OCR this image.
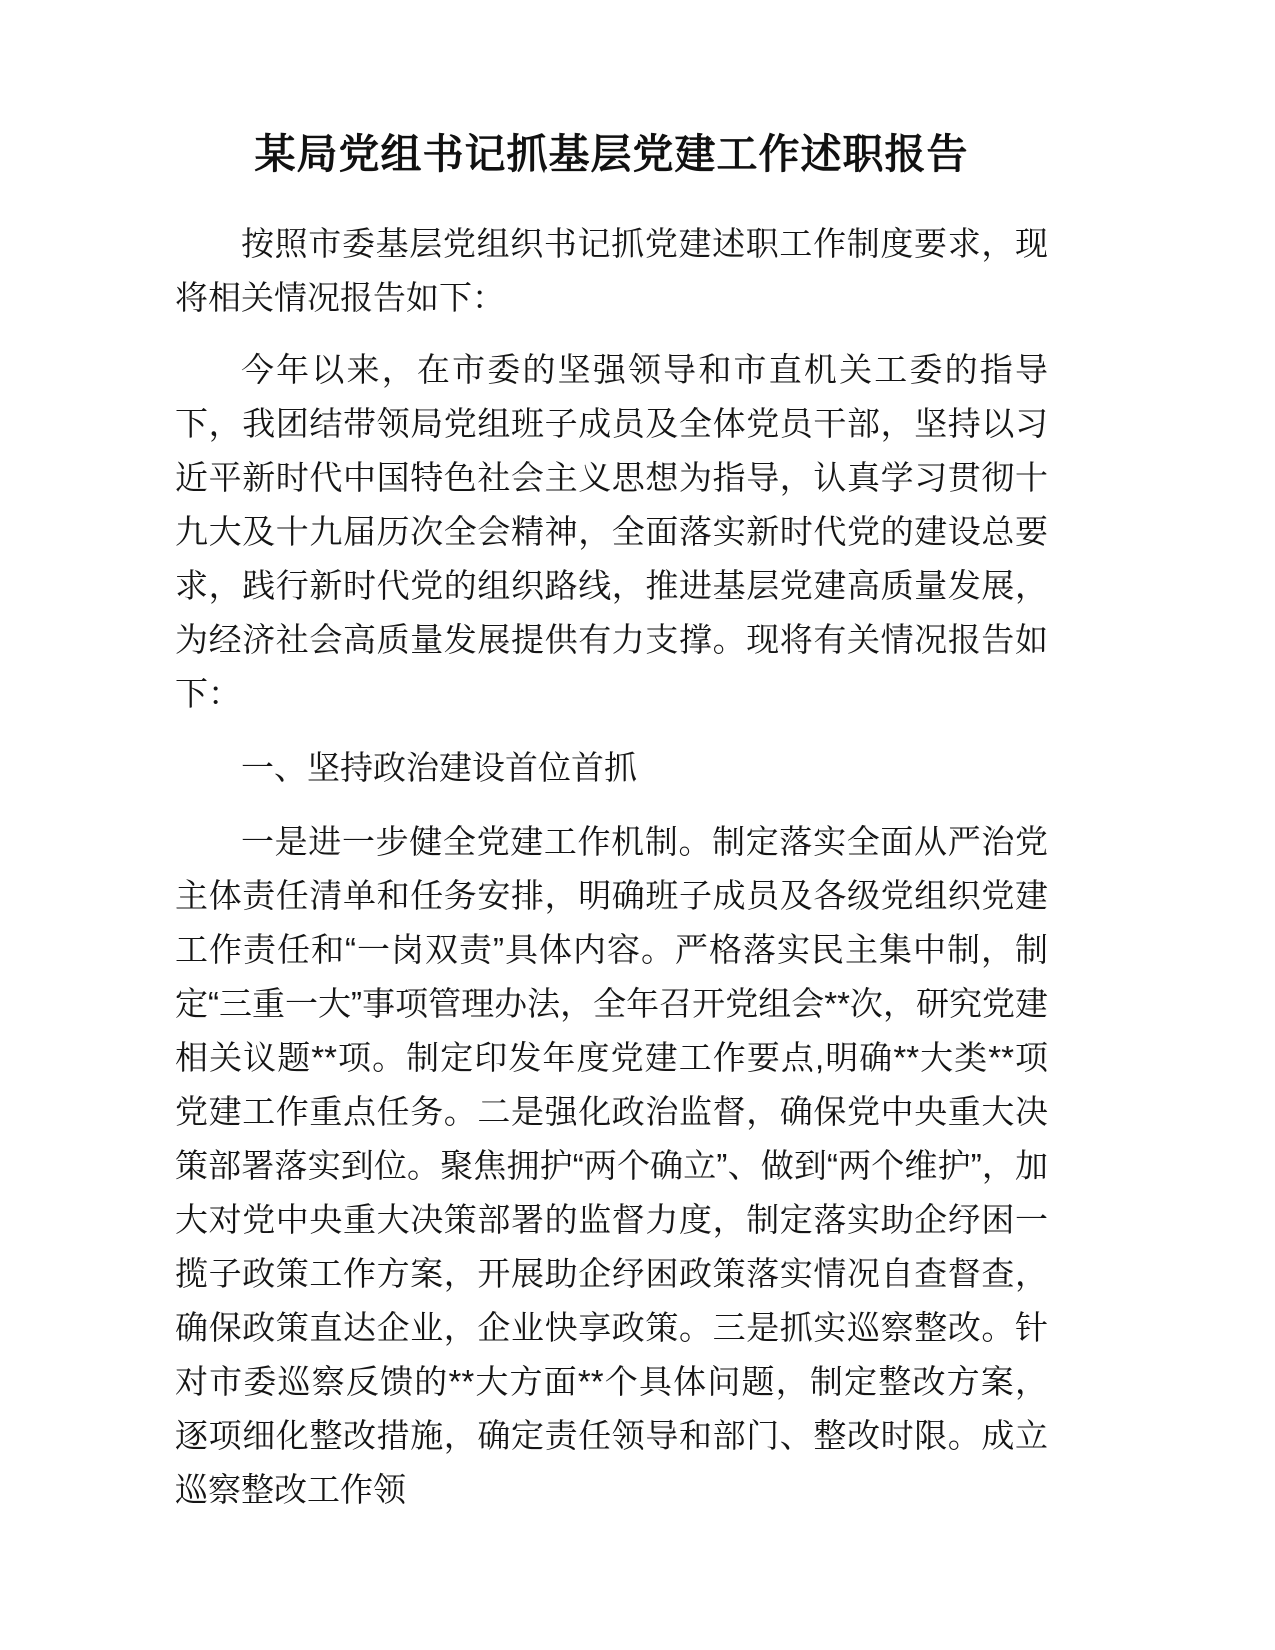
某局党组书记抓基层党建工作述职报告

按照市委基层党组织书记抓党建述职工作制度要求，现将相关情况报告如下：

今年以来，在市委的坚强领导和市直机关工委的指导下，我团结带领局党组班子成员及全体党员干部，坚持以习近平新时代中国特色社会主义思想为指导，认真学习贯彻十九大及十九届历次全会精神，全面落实新时代党的建设总要求，践行新时代党的组织路线，推进基层党建高质量发展，为经济社会高质量发展提供有力支撑。现将有关情况报告如下：

一、坚持政治建设首位首抓

一是进一步健全党建工作机制。制定落实全面从严治党主体责任清单和任务安排，明确班子成员及各级党组织党建工作责任和“一岗双责”具体内容。严格落实民主集中制，制定“三重一大”事项管理办法，全年召开党组会**次，研究党建相关议题**项。制定印发年度党建工作要点,明确**大类**项党建工作重点任务。二是强化政治监督，确保党中央重大决策部署落实到位。聚焦拥护“两个确立”、做到“两个维护”，加大对党中央重大决策部署的监督力度，制定落实助企纾困一揽子政策工作方案，开展助企纾困政策落实情况自查督查，确保政策直达企业，企业快享政策。三是抓实巡察整改。针对市委巡察反馈的**大方面**个具体问题，制定整改方案，逐项细化整改措施，确定责任领导和部门、整改时限。成立巡察整改工作领
